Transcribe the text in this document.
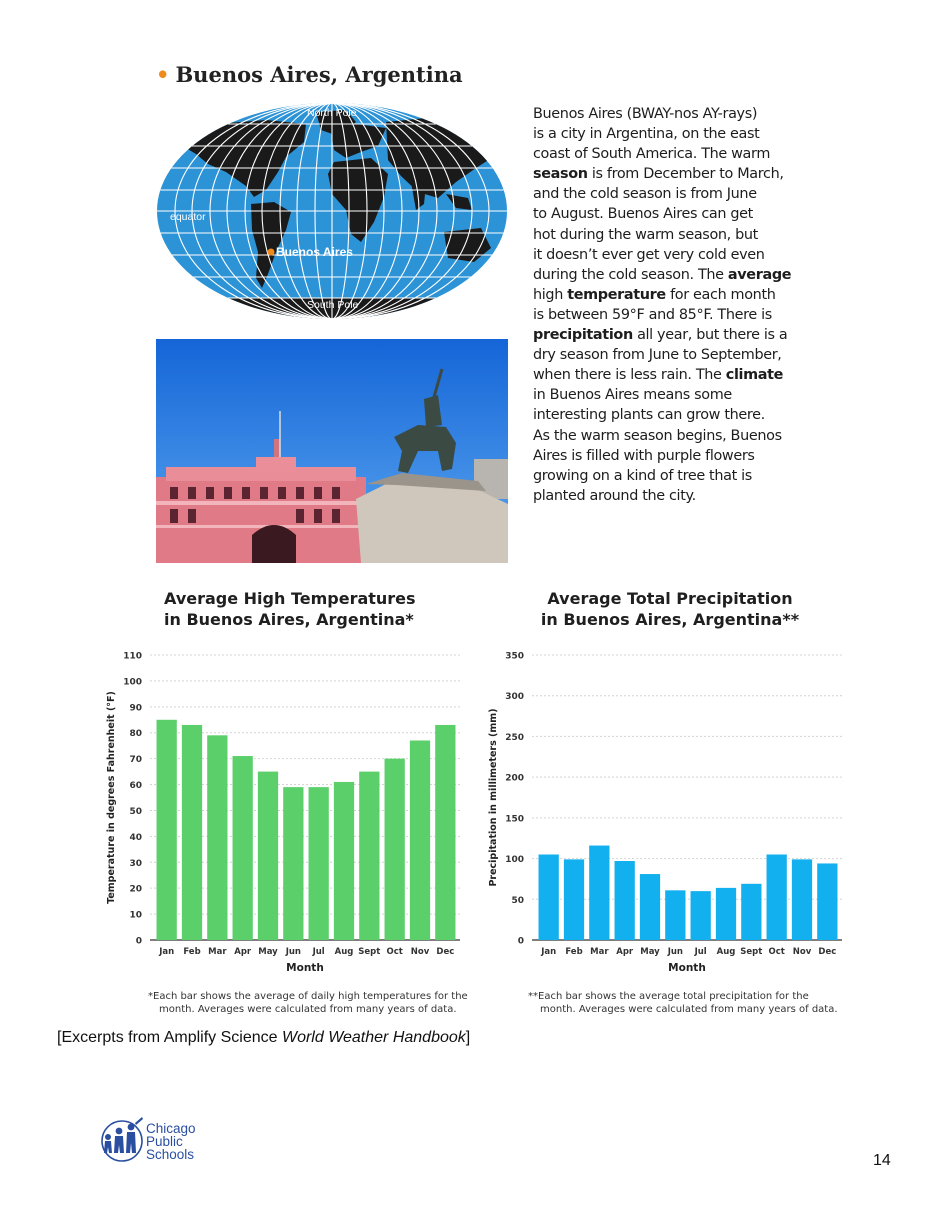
• Buenos Aires, Argentina
North Pole
South Pole
equator
Buenos Aires

Buenos Aires (BWAY-nos AY-rays)

is a city in Argentina, on the east

coast of South America. The warm

season is from December to March,

and the cold season is from June

to August. Buenos Aires can get

hot during the warm season, but

it doesn’t ever get very cold even

during the cold season. The average

high temperature for each month

is between 59°F and 85°F. There is

precipitation all year, but there is a

dry season from June to September,

when there is less rain. The climate

in Buenos Aires means some

interesting plants can grow there.

As the warm season begins, Buenos

Aires is filled with purple flowers

growing on a kind of tree that is

planted around the city.

Average High Temperatures
in Buenos Aires, Argentina*
0
10
20
30
40
50
60
70
80
90
100
110
Jan Feb Mar Apr May Jun Jul Aug Sept Oct Nov Dec
Month
Temperature in degrees Fahrenheit (°F)
*Each bar shows the average of daily high temperatures for the
month. Averages were calculated from many years of data.
Average Total Precipitation
in Buenos Aires, Argentina**
0
50
100
150
200
250
300
350
Jan Feb Mar Apr May Jun Jul Aug Sept Oct Nov Dec
Month
Precipitation in millimeters (mm)
**Each bar shows the average total precipitation for the
month. Averages were calculated from many years of data.
[Excerpts from Amplify Science World Weather Handbook]
Chicago
Public
Schools	14
